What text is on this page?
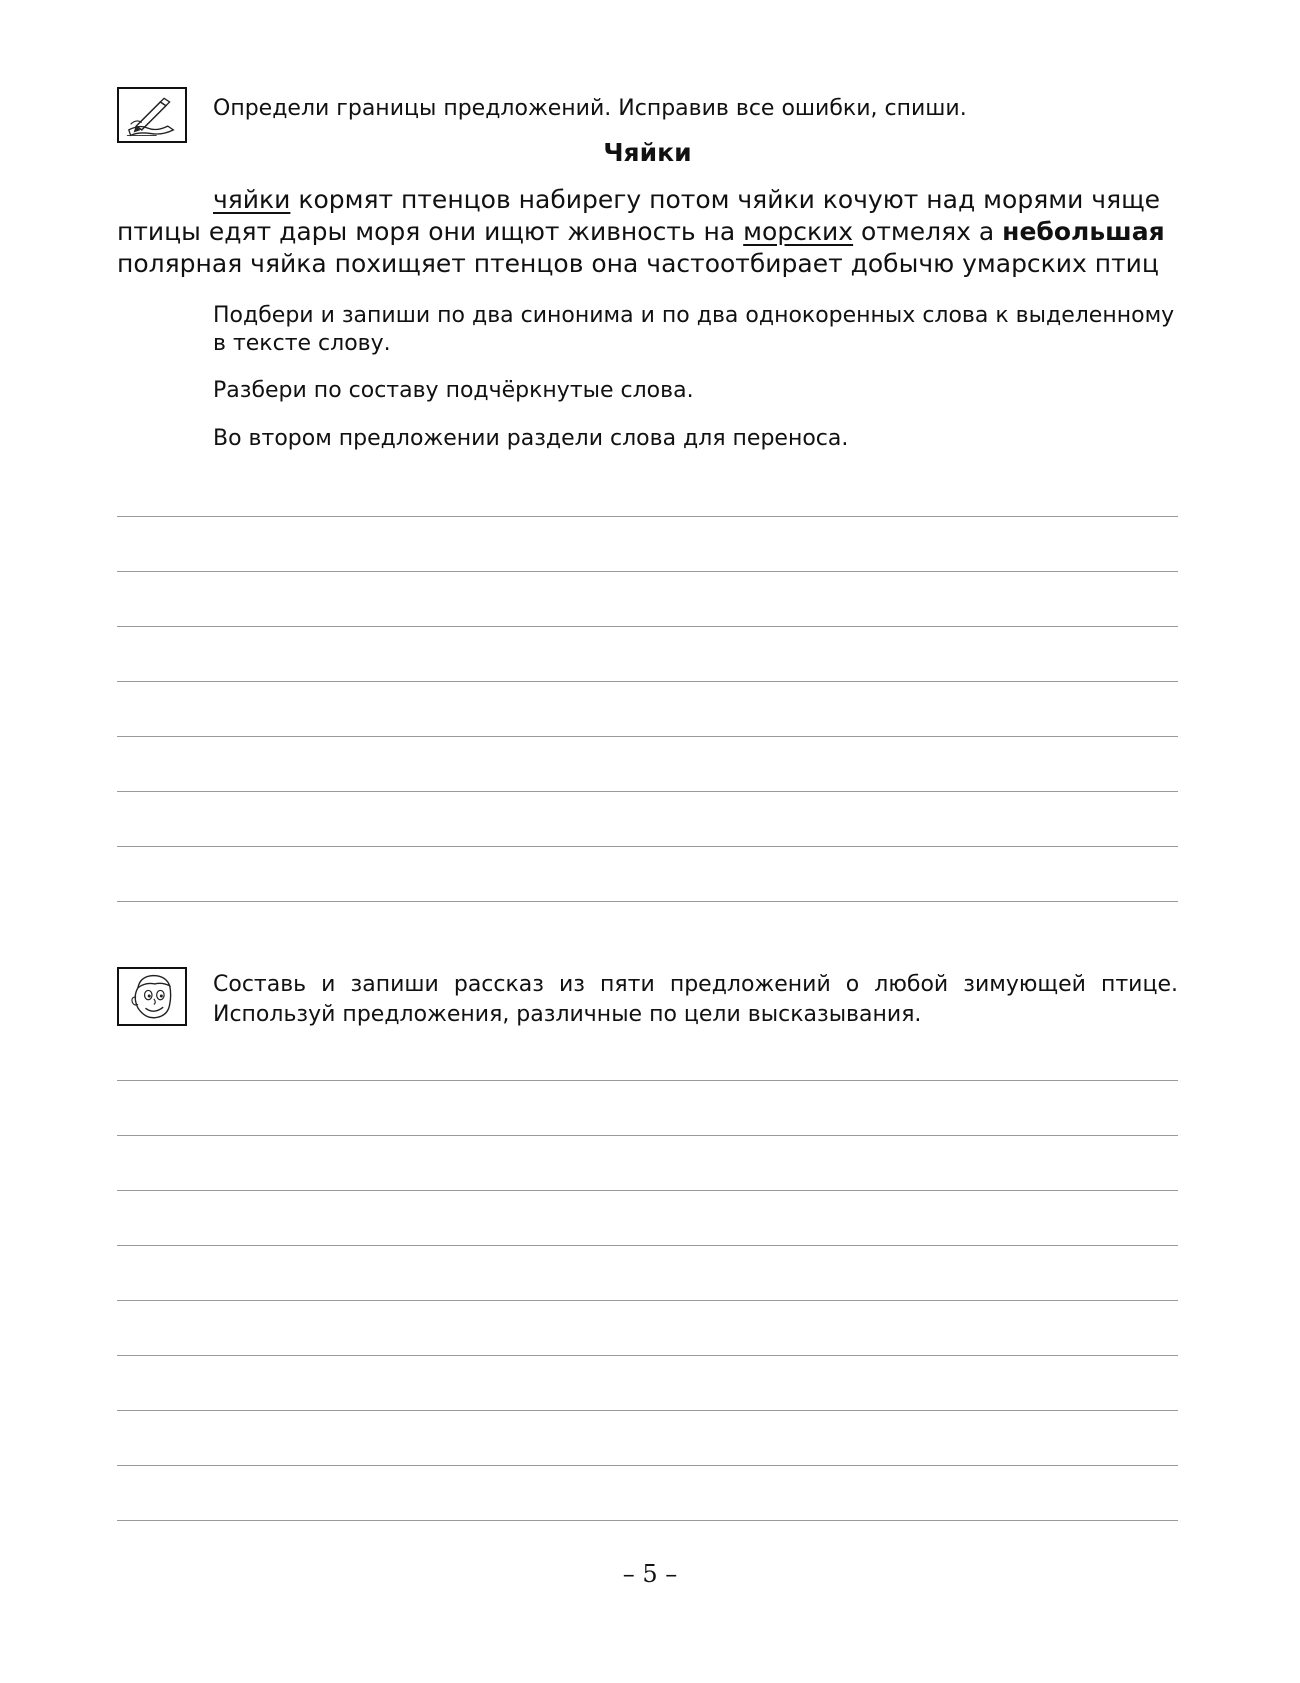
Определи границы предложений. Исправив все ошибки, спиши.

Чяйки

чяйки кормят птенцов набирегу потом чяйки кочуют над морями чяще
птицы едят дары моря они ищют живность на морских отмелях а небольшая
полярная чяйка похищяет птенцов она частоотбирает добычю умарских птиц

Подбери и запиши по два синонима и по два однокоренных слова к выделенному в тексте слову.

Разбери по составу подчёркнутые слова.

Во втором предложении раздели слова для переноса.

Составь и запиши рассказ из пяти предложений о любой зимующей птице. Используй предложения, различные по цели высказывания.

– 5 –
